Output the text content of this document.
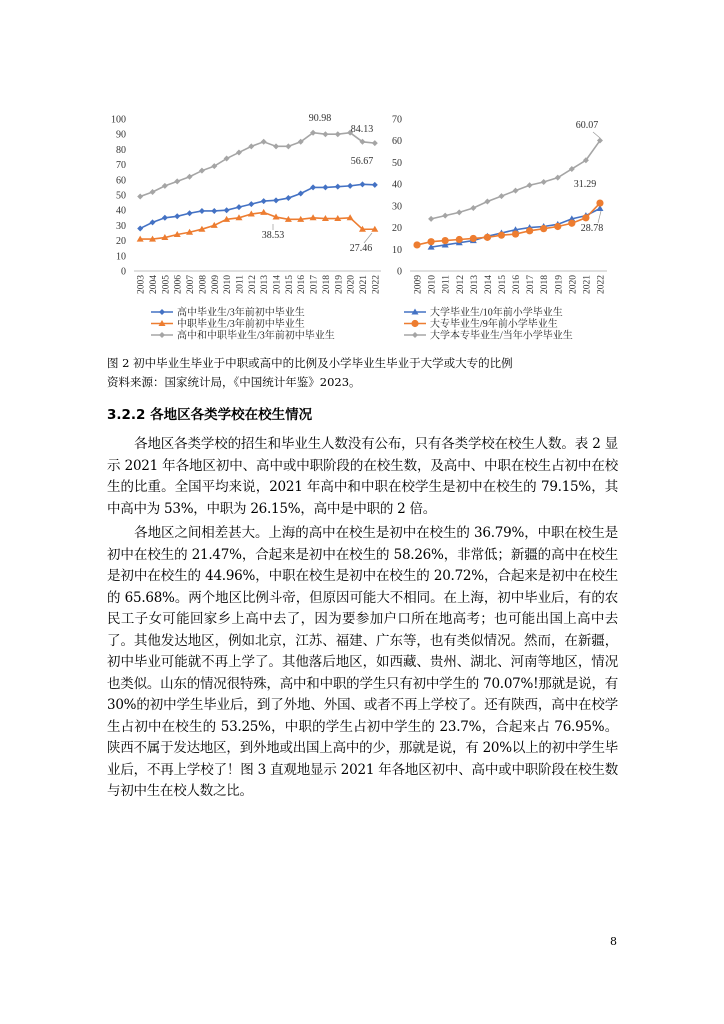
0
10
20
30
40
50
60
70
80
90
100
2003 2004 2005 2006 2007 2008 2009 2010 2011 2012 2013 2014 2015 2016 2017 2018 2019 2020 2021 2022
90.98
84.13
56.67
38.53
27.46
高中毕业生/3年前初中毕业生
中职毕业生/3年前初中毕业生
高中和中职毕业生/3年前初中毕业生
0
10
20
30
40
50
60
70
2009 2010 2011 2012 2013 2014 2015 2016 2017 2018 2019 2020 2021 2022
60.07
31.29
28.78
大学毕业生/10年前小学毕业生
大专毕业生/9年前小学毕业生
大学本专毕业生/当年小学毕业生
图 2 初中毕业生毕业于中职或高中的比例及小学毕业生毕业于大学或大专的比例
资料来源：国家统计局，《中国统计年鉴》2023。
3.2.2 各地区各类学校在校生情况

各地区各类学校的招生和毕业生人数没有公布，只有各类学校在校生人数。表 2 显示 2021 年各地区初中、高中或中职阶段的在校生数，及高中、中职在校生占初中在校生的比重。全国平均来说，2021 年高中和中职在校学生是初中在校生的 79.15%，其中高中为 53%，中职为 26.15%，高中是中职的 2 倍。

各地区之间相差甚大。上海的高中在校生是初中在校生的 36.79%，中职在校生是初中在校生的 21.47%，合起来是初中在校生的 58.26%，非常低；新疆的高中在校生是初中在校生的 44.96%，中职在校生是初中在校生的 20.72%，合起来是初中在校生的 65.68%。两个地区比例斗帝，但原因可能大不相同。在上海，初中毕业后，有的农民工子女可能回家乡上高中去了，因为要参加户口所在地高考；也可能出国上高中去了。其他发达地区，例如北京，江苏、福建、广东等，也有类似情况。然而，在新疆，初中毕业可能就不再上学了。其他落后地区，如西藏、贵州、湖北、河南等地区，情况也类似。山东的情况很特殊，高中和中职的学生只有初中学生的 70.07%!那就是说，有 30%的初中学生毕业后，到了外地、外国、或者不再上学校了。还有陕西，高中在校学生占初中在校生的 53.25%，中职的学生占初中学生的 23.7%，合起来占 76.95%。陕西不属于发达地区，到外地或出国上高中的少，那就是说，有 20%以上的初中学生毕业后，不再上学校了！图 3 直观地显示 2021 年各地区初中、高中或中职阶段在校生数与初中生在校人数之比。

8
